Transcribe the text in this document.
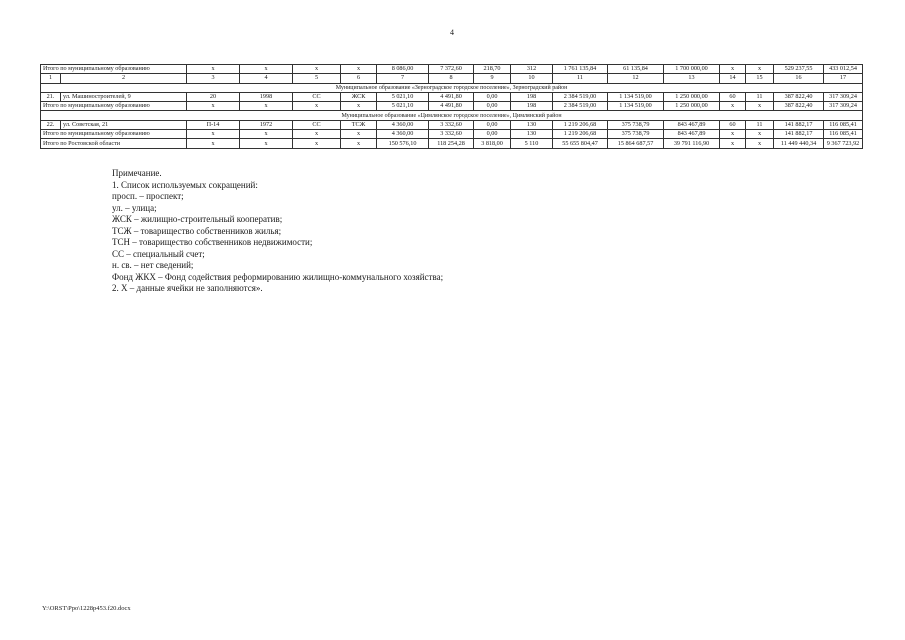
4
Итого по муниципальному образованию		х	х	х	х	8 086,00	7 372,60	218,70	312	1 761 135,84	61 135,84	1 700 000,00	х	х	529 237,55	433 012,54
1	2	3	4	5	6	7	8	9	10	11	12	13	14	15	16	17
Муниципальное образование «Зерноградское городское поселение», Зерноградский район																
21.	ул. Машиностроителей, 9	20	1998	СС	ЖСК	5 021,10	4 491,80	0,00	198	2 384 519,00	1 134 519,00	1 250 000,00	60	11	387 822,40	317 309,24
Итого по муниципальному образованию		х	х	х	х	5 021,10	4 491,80	0,00	198	2 384 519,00	1 134 519,00	1 250 000,00	х	х	387 822,40	317 309,24
Муниципальное образование «Цимлянское городское поселение», Цимлянский район																
22.	ул. Советская, 21	П-14	1972	СС	ТСЖ	4 360,00	3 332,60	0,00	130	1 219 206,68	375 738,79	843 467,89	60	11	141 882,17	116 085,41
Итого по муниципальному образованию		х	х	х	х	4 360,00	3 332,60	0,00	130	1 219 206,68	375 738,79	843 467,89	х	х	141 882,17	116 085,41
Итого по Ростовской области		х	х	х	х	150 576,10	118 254,28	3 818,00	5 110	55 655 804,47	15 864 687,57	39 791 116,90	х	х	11 449 440,34	9 367 723,92
Примечание.
1. Список используемых сокращений:
просп. – проспект;
ул. – улица;
ЖСК – жилищно-строительный кооператив;
ТСЖ – товарищество собственников жилья;
ТСН – товарищество собственников недвижимости;
СС – специальный счет;
н. св. – нет сведений;
Фонд ЖКХ – Фонд содействия реформированию жилищно-коммунального хозяйства;
2. Х – данные ячейки не заполняются».
Y:\ORST\Ppo\1228p453.f20.docx
